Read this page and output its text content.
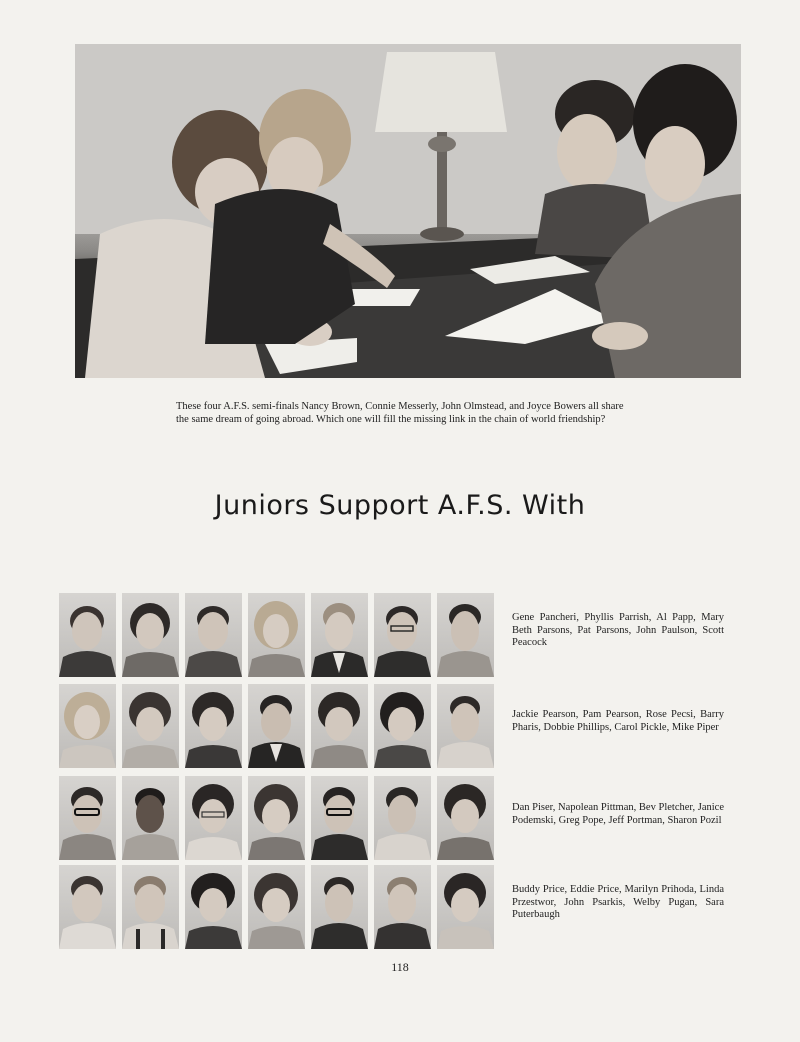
These four A.F.S. semi-finals Nancy Brown, Connie Messerly, John Olmstead, and Joyce Bowers all share the same dream of going abroad. Which one will fill the missing link in the chain of world friendship?
Juniors Support A.F.S. With
Gene Pancheri, Phyllis Parrish, Al Papp, Mary Beth Parsons, Pat Parsons, John Paulson, Scott Peacock
Jackie Pearson, Pam Pearson, Rose Pecsi, Barry Pharis, Dobbie Phillips, Carol Pickle, Mike Piper
Dan Piser, Napolean Pittman, Bev Pletcher, Janice Podemski, Greg Pope, Jeff Portman, Sharon Pozil
Buddy Price, Eddie Price, Marilyn Prihoda, Linda Przestwor, John Psarkis, Welby Pugan, Sara Puterbaugh
118
